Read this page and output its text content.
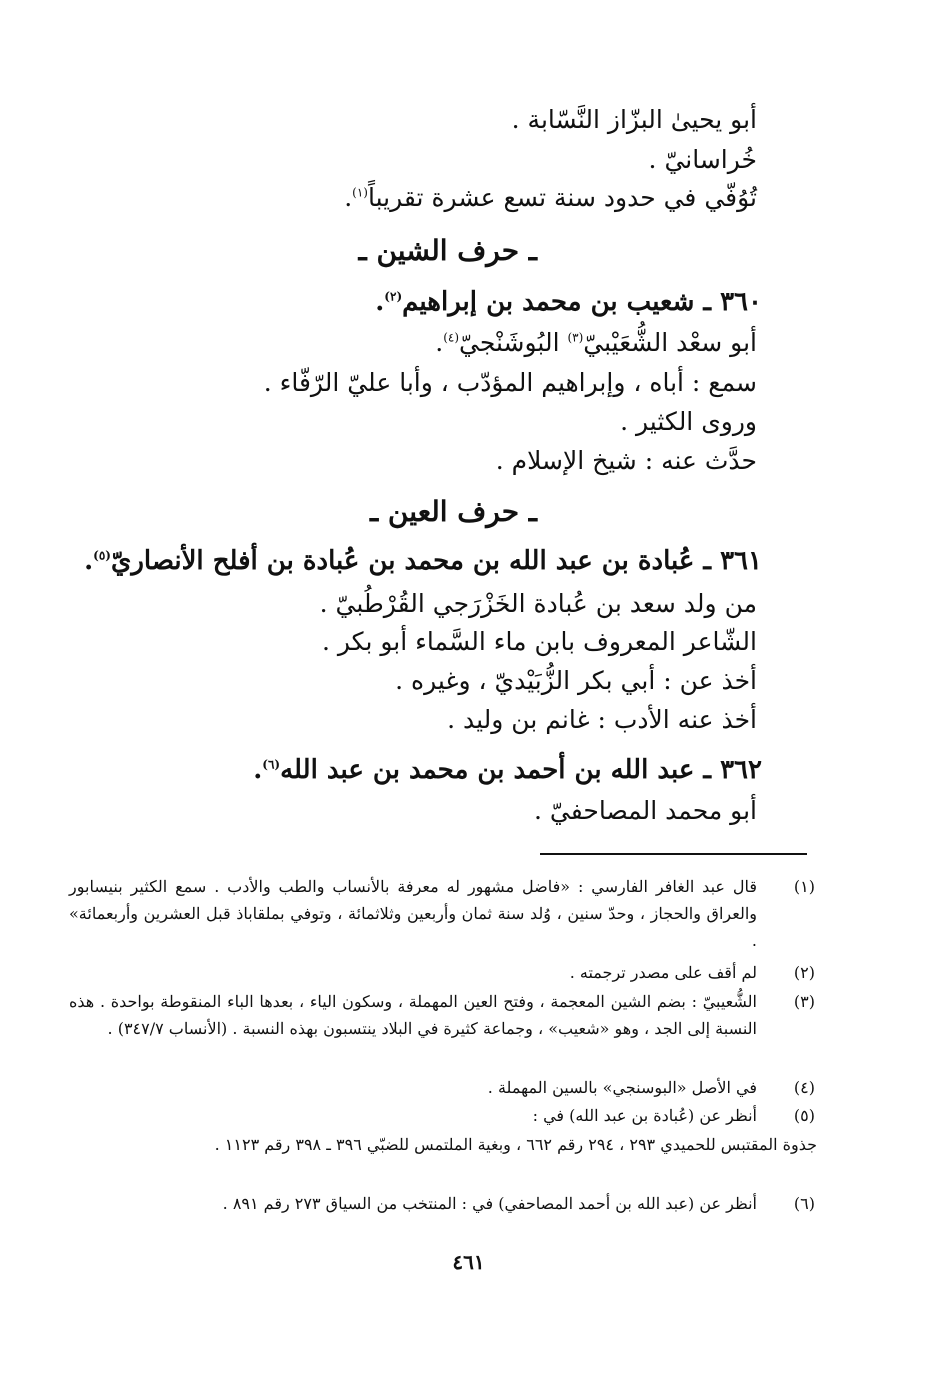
أبو يحيىٰ البزّاز النَّسّابة .
خُراسانيّ .
تُوُفّي في حدود سنة تسع عشرة تقريباً$^{(١)}$.
ـ حرف الشين ـ
٣٦٠ ـ شعيب بن محمد بن إبراهيم$^{(٢)}$.
أبو سعْد الشُّعَيْبيّ$^{(٣)}$ البُوشَنْجيّ$^{(٤)}$.
سمع : أباه ، وإبراهيم المؤدّب ، وأبا عليّ الرّفّاء .
وروى الكثير .
حدَّث عنه : شيخ الإسلام .
ـ حرف العين ـ
٣٦١ ـ عُبادة بن عبد الله بن محمد بن عُبادة بن أفلح الأنصاريّ$^{(٥)}$.
من ولد سعد بن عُبادة الخَزْرَجي القُرْطُبيّ .
الشّاعر المعروف بابن ماء السَّماء أبو بكر .
أخذ عن : أبي بكر الزُّبَيْديّ ، وغيره .
أخذ عنه الأدب : غانم بن وليد .
٣٦٢ ـ عبد الله بن أحمد بن محمد بن عبد الله$^{(٦)}$.
أبو محمد المصاحفيّ .
(١)
قال عبد الغافر الفارسي : «فاضل مشهور له معرفة بالأنساب والطب والأدب . سمع الكثير بنيسابور والعراق والحجاز ، وحدّ سنين ، وُلد سنة ثمان وأربعين وثلاثمائة ، وتوفي بملقاباذ قبل العشرين وأربعمائة» .
(٢)
لم أقف على مصدر ترجمته .
(٣)
الشُّعيبيّ : بضم الشين المعجمة ، وفتح العين المهملة ، وسكون الياء ، بعدها الباء المنقوطة بواحدة . هذه النسبة إلى الجد ، وهو «شعيب» ، وجماعة كثيرة في البلاد ينتسبون بهذه النسبة . (الأنساب ٣٤٧/٧) .
(٤)
في الأصل «البوسنجي» بالسين المهملة .
(٥)
أنظر عن (عُبادة بن عبد الله) في :
جذوة المقتبس للحميدي ٢٩٣ ، ٢٩٤ رقم ٦٦٢ ، وبغية الملتمس للضبّي ٣٩٦ ـ ٣٩٨ رقم ١١٢٣ .
(٦)
أنظر عن (عبد الله بن أحمد المصاحفي) في : المنتخب من السياق ٢٧٣ رقم ٨٩١ .
٤٦١
